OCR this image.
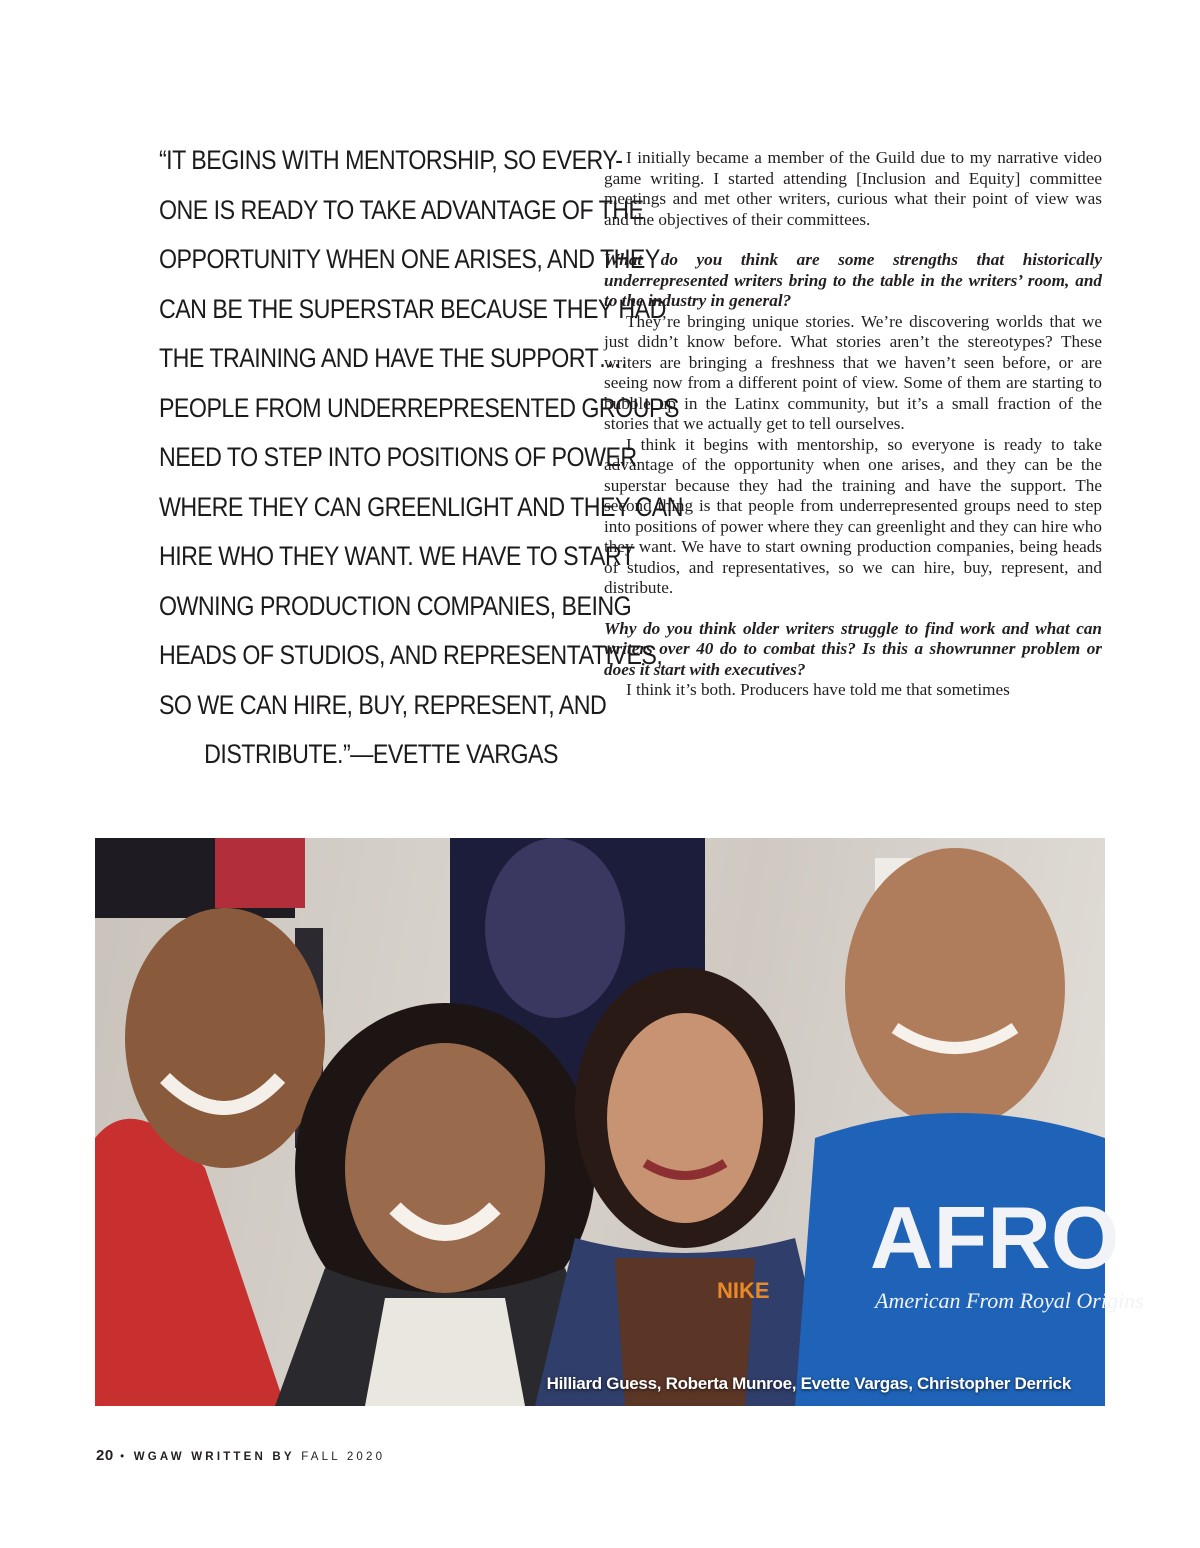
“IT BEGINS WITH MENTORSHIP, SO EVERY-
ONE IS READY TO TAKE ADVANTAGE OF THE
OPPORTUNITY WHEN ONE ARISES, AND THEY
CAN BE THE SUPERSTAR BECAUSE THEY HAD
THE TRAINING AND HAVE THE SUPPORT….
PEOPLE FROM UNDERREPRESENTED GROUPS
NEED TO STEP INTO POSITIONS OF POWER
WHERE THEY CAN GREENLIGHT AND THEY CAN
HIRE WHO THEY WANT. WE HAVE TO START
OWNING PRODUCTION COMPANIES, BEING
HEADS OF STUDIOS, AND REPRESENTATIVES,
SO WE CAN HIRE, BUY, REPRESENT, AND
DISTRIBUTE.”—EVETTE VARGAS

I initially became a member of the Guild due to my narrative video game writing. I started attending [Inclusion and Equity] committee meetings and met other writers, curious what their point of view was and the objectives of their committees.

What do you think are some strengths that historically underrepresented writers bring to the table in the writers’ room, and to the industry in general?

They’re bringing unique stories. We’re discovering worlds that we just didn’t know before. What stories aren’t the stereotypes? These writers are bringing a freshness that we haven’t seen before, or are seeing now from a different point of view. Some of them are starting to bubble up in the Latinx community, but it’s a small fraction of the stories that we actually get to tell ourselves.

I think it begins with mentorship, so everyone is ready to take advantage of the opportunity when one arises, and they can be the superstar because they had the training and have the support. The second thing is that people from underrepresented groups need to step into positions of power where they can greenlight and they can hire who they want. We have to start owning production companies, being heads of studios, and representatives, so we can hire, buy, represent, and distribute.

Why do you think older writers struggle to find work and what can writers over 40 do to combat this? Is this a showrunner problem or does it start with executives?

I think it’s both. Producers have told me that sometimes

NIKE
AFRO
American From Royal Origins
Hilliard Guess, Roberta Munroe, Evette Vargas, Christopher Derrick
20 • WGAW WRITTEN BY FALL 2020
